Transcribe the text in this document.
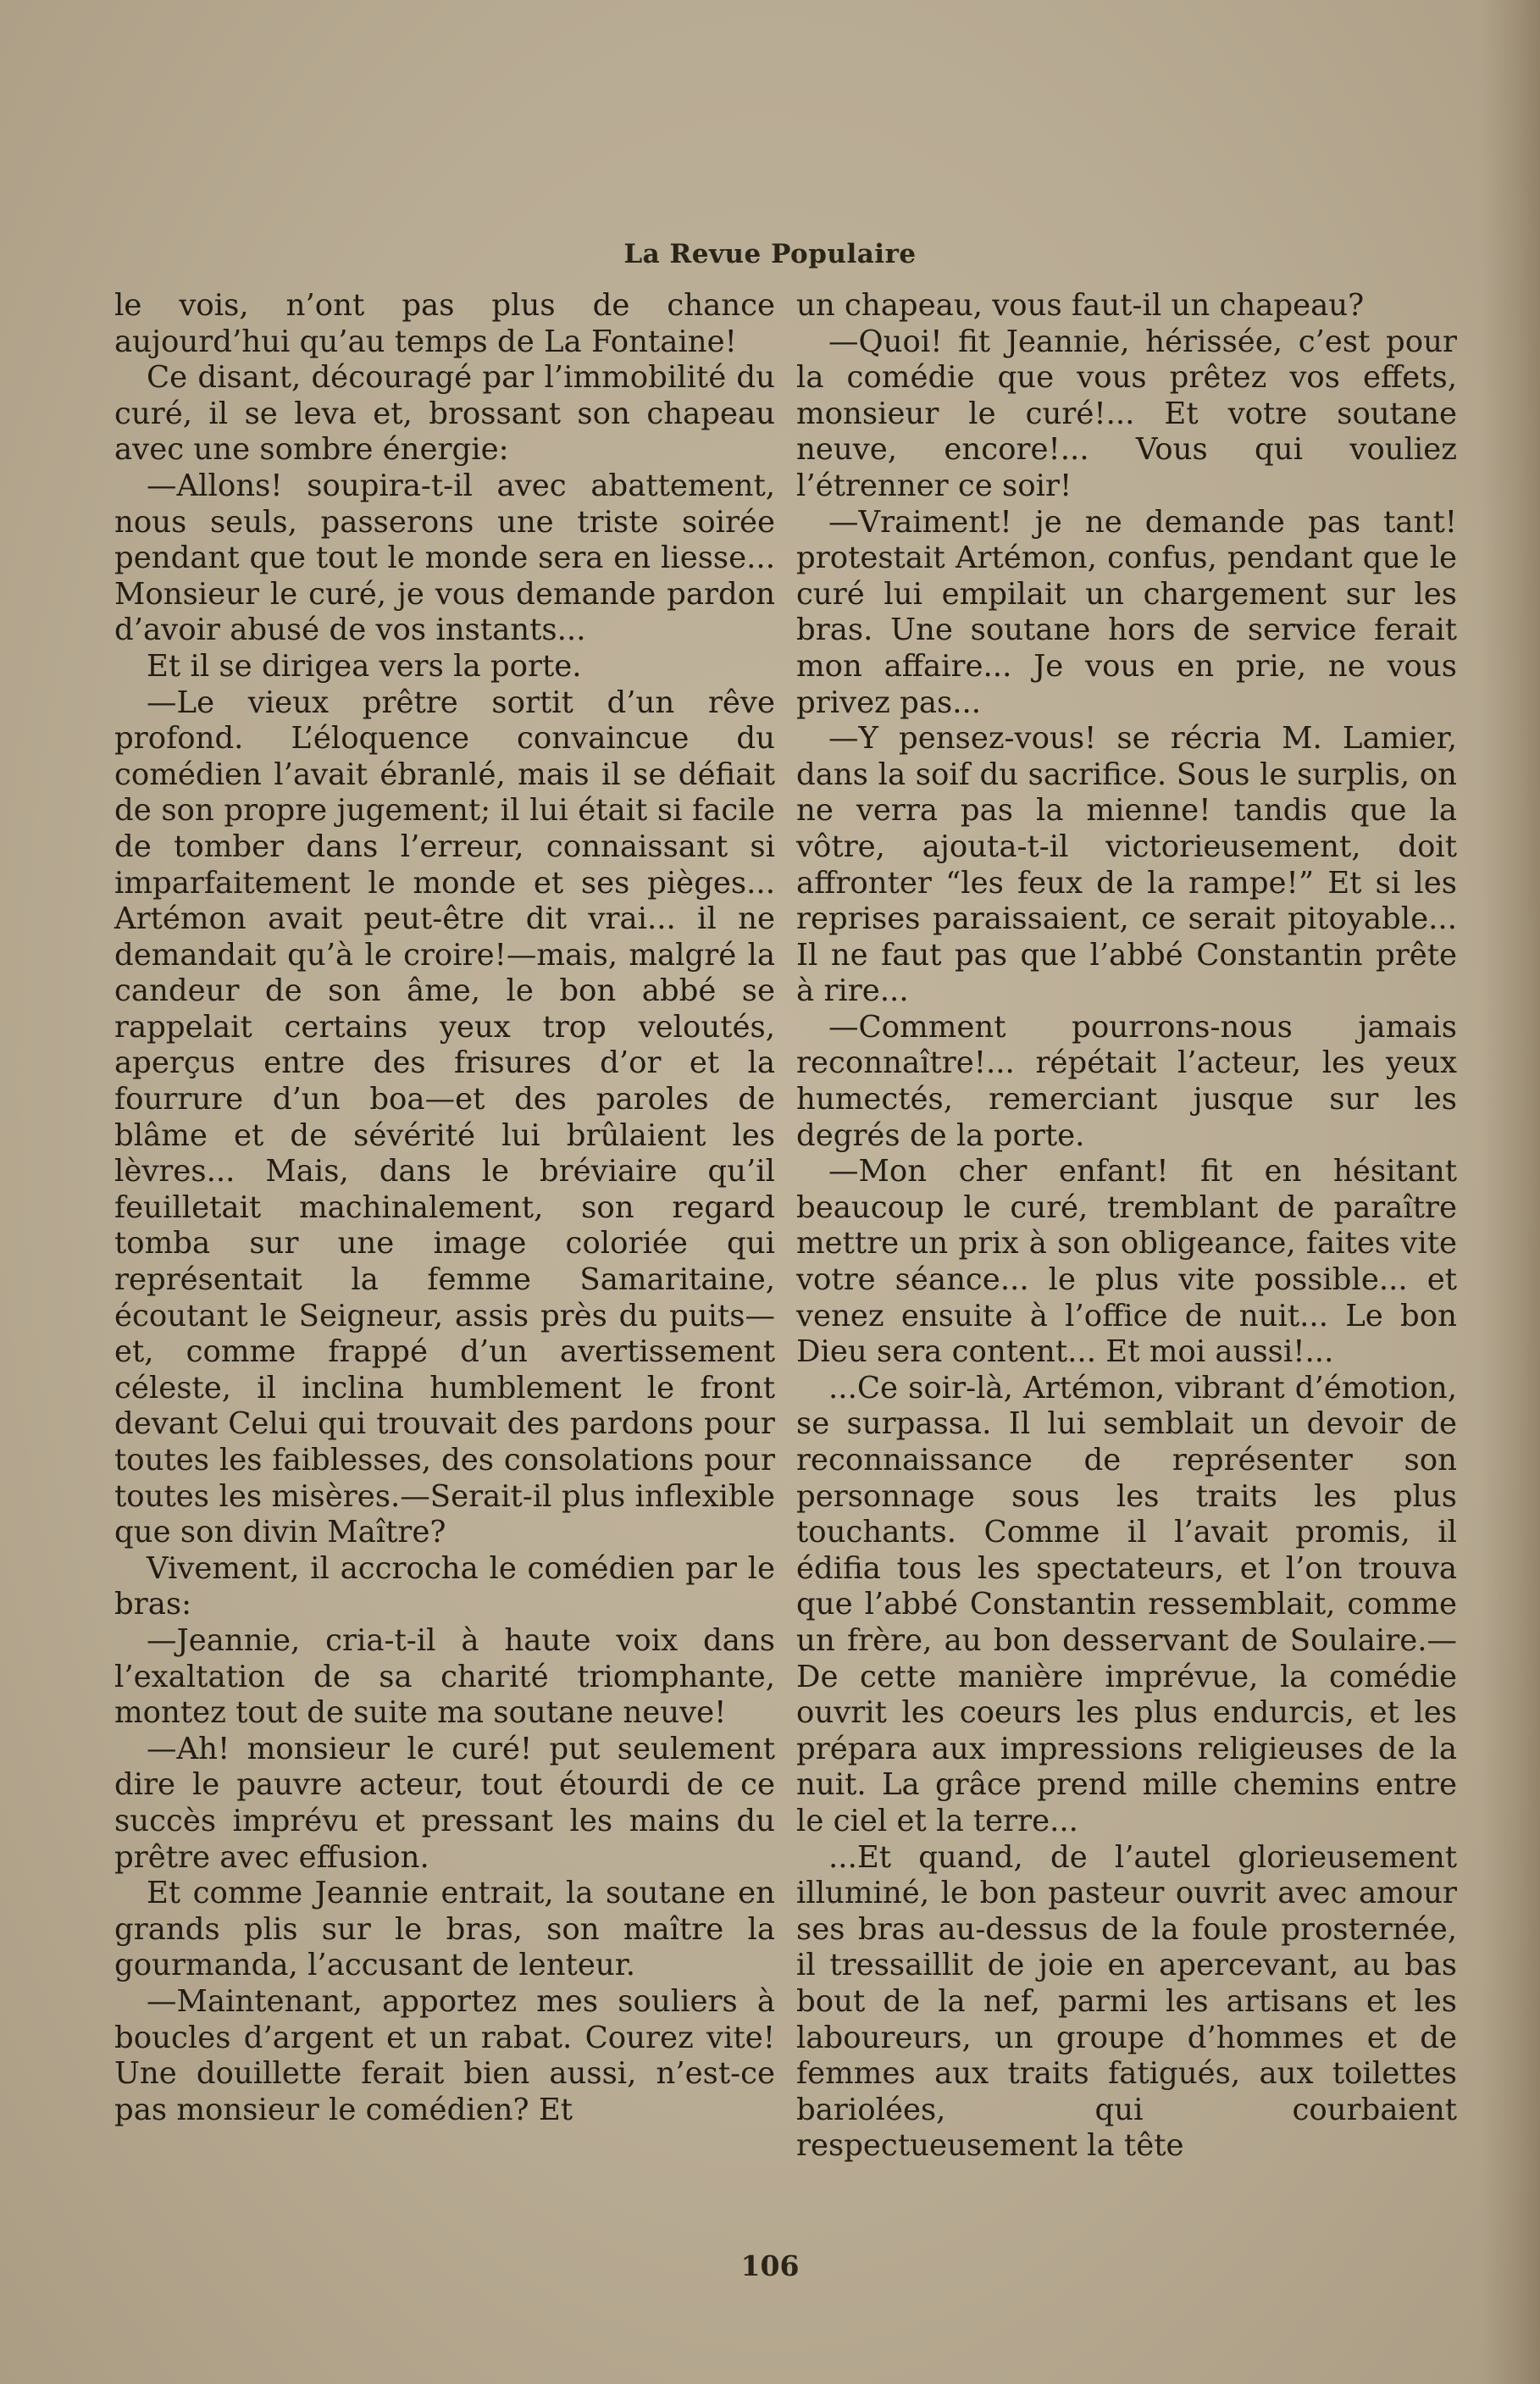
La Revue Populaire

le vois, n’ont pas plus de chance aujourd’hui qu’au temps de La Fontaine!

Ce disant, découragé par l’immobilité du curé, il se leva et, brossant son chapeau avec une sombre énergie:

—Allons! soupira-t-il avec abattement, nous seuls, passerons une triste soirée pendant que tout le monde sera en liesse... Monsieur le curé, je vous demande pardon d’avoir abusé de vos instants...

Et il se dirigea vers la porte.

—Le vieux prêtre sortit d’un rêve profond. L’éloquence convaincue du comédien l’avait ébranlé, mais il se défiait de son propre jugement; il lui était si facile de tomber dans l’erreur, connaissant si imparfaitement le monde et ses pièges... Artémon avait peut-être dit vrai... il ne demandait qu’à le croire!—mais, malgré la candeur de son âme, le bon abbé se rappelait certains yeux trop veloutés, aperçus entre des frisures d’or et la fourrure d’un boa—et des paroles de blâme et de sévérité lui brûlaient les lèvres... Mais, dans le bréviaire qu’il feuilletait machinalement, son regard tomba sur une image coloriée qui représentait la femme Samaritaine, écoutant le Seigneur, assis près du puits—et, comme frappé d’un avertissement céleste, il inclina humblement le front devant Celui qui trouvait des pardons pour toutes les faiblesses, des consolations pour toutes les misères.—Serait-il plus inflexible que son divin Maître?

Vivement, il accrocha le comédien par le bras:

—Jeannie, cria-t-il à haute voix dans l’exaltation de sa charité triomphante, montez tout de suite ma soutane neuve!

—Ah! monsieur le curé! put seulement dire le pauvre acteur, tout étourdi de ce succès imprévu et pressant les mains du prêtre avec effusion.

Et comme Jeannie entrait, la soutane en grands plis sur le bras, son maître la gourmanda, l’accusant de lenteur.

—Maintenant, apportez mes souliers à boucles d’argent et un rabat. Courez vite! Une douillette ferait bien aussi, n’est-ce pas monsieur le comédien? Et

un chapeau, vous faut-il un chapeau?

—Quoi! fit Jeannie, hérissée, c’est pour la comédie que vous prêtez vos effets, monsieur le curé!... Et votre soutane neuve, encore!... Vous qui vouliez l’étrenner ce soir!

—Vraiment! je ne demande pas tant! protestait Artémon, confus, pendant que le curé lui empilait un chargement sur les bras. Une soutane hors de service ferait mon affaire... Je vous en prie, ne vous privez pas...

—Y pensez-vous! se récria M. Lamier, dans la soif du sacrifice. Sous le surplis, on ne verra pas la mienne! tandis que la vôtre, ajouta-t-il victorieusement, doit affronter “les feux de la rampe!” Et si les reprises paraissaient, ce serait pitoyable... Il ne faut pas que l’abbé Constantin prête à rire...

—Comment pourrons-nous jamais reconnaître!... répétait l’acteur, les yeux humectés, remerciant jusque sur les degrés de la porte.

—Mon cher enfant! fit en hésitant beaucoup le curé, tremblant de paraître mettre un prix à son obligeance, faites vite votre séance... le plus vite possible... et venez ensuite à l’office de nuit... Le bon Dieu sera content... Et moi aussi!...

...Ce soir-là, Artémon, vibrant d’émotion, se surpassa. Il lui semblait un devoir de reconnaissance de représenter son personnage sous les traits les plus touchants. Comme il l’avait promis, il édifia tous les spectateurs, et l’on trouva que l’abbé Constantin ressemblait, comme un frère, au bon desservant de Soulaire.—De cette manière imprévue, la comédie ouvrit les coeurs les plus endurcis, et les prépara aux impressions religieuses de la nuit. La grâce prend mille chemins entre le ciel et la terre...

...Et quand, de l’autel glorieusement illuminé, le bon pasteur ouvrit avec amour ses bras au-dessus de la foule prosternée, il tressaillit de joie en apercevant, au bas bout de la nef, parmi les artisans et les laboureurs, un groupe d’hommes et de femmes aux traits fatigués, aux toilettes bariolées, qui courbaient respectueusement la tête

106
